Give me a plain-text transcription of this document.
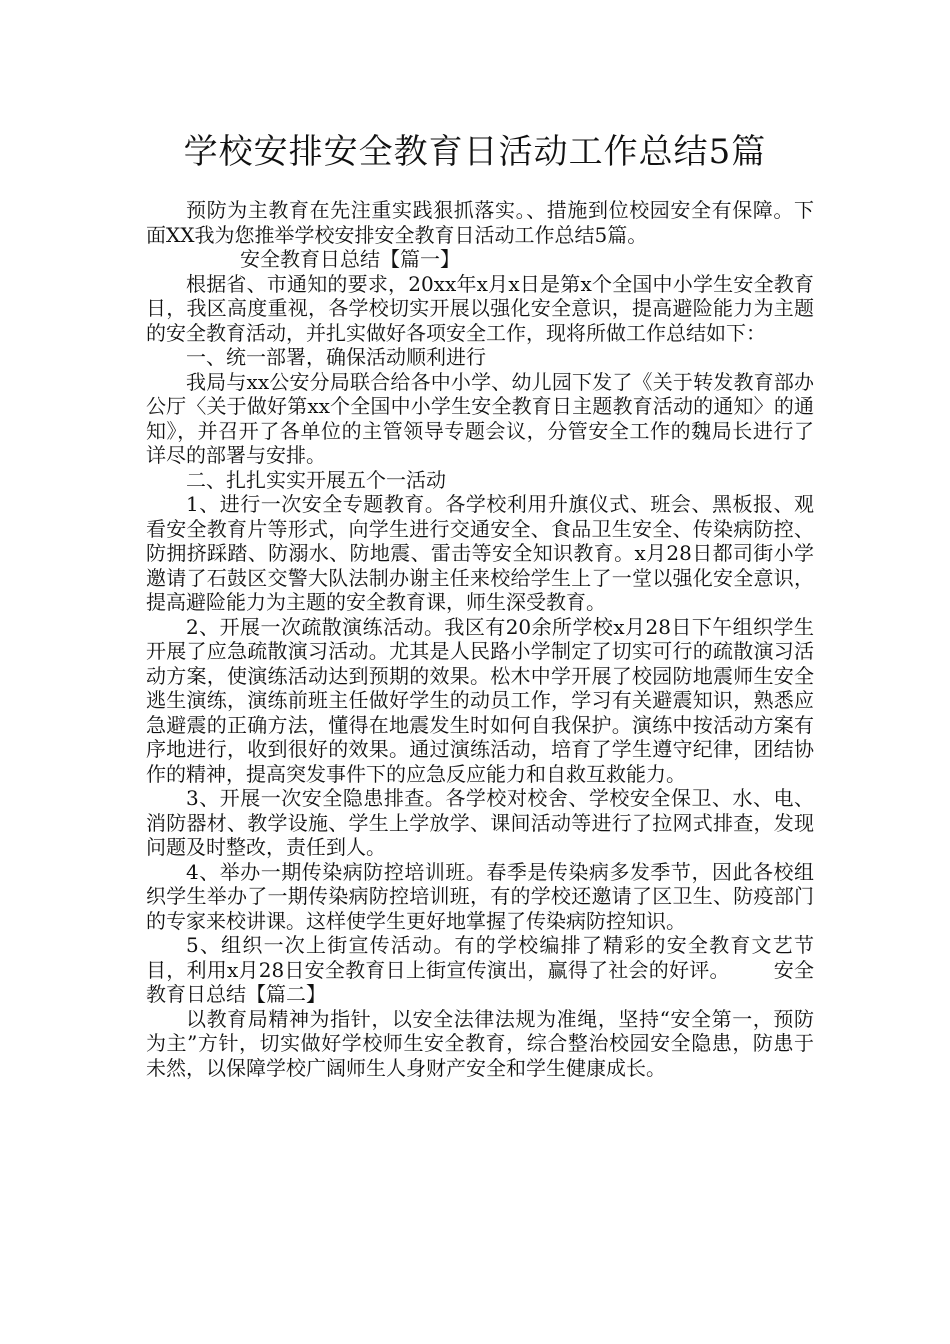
学校安排安全教育日活动工作总结5篇

预防为主教育在先注重实践狠抓落实。、措施到位校园安全有保障。下面XX我为您推举学校安排安全教育日活动工作总结5篇。

安全教育日总结【篇一】

根据省、市通知的要求，20xx年x月x日是第x个全国中小学生安全教育日，我区高度重视，各学校切实开展以强化安全意识，提高避险能力为主题的安全教育活动，并扎实做好各项安全工作，现将所做工作总结如下：

一、统一部署，确保活动顺利进行

我局与xx公安分局联合给各中小学、幼儿园下发了《关于转发教育部办公厅〈关于做好第xx个全国中小学生安全教育日主题教育活动的通知〉的通知》，并召开了各单位的主管领导专题会议，分管安全工作的魏局长进行了详尽的部署与安排。

二、扎扎实实开展五个一活动

1、进行一次安全专题教育。各学校利用升旗仪式、班会、黑板报、观看安全教育片等形式，向学生进行交通安全、食品卫生安全、传染病防控、防拥挤踩踏、防溺水、防地震、雷击等安全知识教育。x月28日都司街小学邀请了石鼓区交警大队法制办谢主任来校给学生上了一堂以强化安全意识，提高避险能力为主题的安全教育课，师生深受教育。

2、开展一次疏散演练活动。我区有20余所学校x月28日下午组织学生开展了应急疏散演习活动。尤其是人民路小学制定了切实可行的疏散演习活动方案，使演练活动达到预期的效果。松木中学开展了校园防地震师生安全逃生演练，演练前班主任做好学生的动员工作，学习有关避震知识，熟悉应急避震的正确方法，懂得在地震发生时如何自我保护。演练中按活动方案有序地进行，收到很好的效果。通过演练活动，培育了学生遵守纪律，团结协作的精神，提高突发事件下的应急反应能力和自救互救能力。

3、开展一次安全隐患排查。各学校对校舍、学校安全保卫、水、电、消防器材、教学设施、学生上学放学、课间活动等进行了拉网式排查，发现问题及时整改，责任到人。

4、举办一期传染病防控培训班。春季是传染病多发季节，因此各校组织学生举办了一期传染病防控培训班，有的学校还邀请了区卫生、防疫部门的专家来校讲课。这样使学生更好地掌握了传染病防控知识。

5、组织一次上街宣传活动。有的学校编排了精彩的安全教育文艺节目，利用x月28日安全教育日上街宣传演出，赢得了社会的好评。 安全教育日总结【篇二】

以教育局精神为指针，以安全法律法规为准绳，坚持“安全第一，预防为主”方针，切实做好学校师生安全教育，综合整治校园安全隐患，防患于未然，以保障学校广阔师生人身财产安全和学生健康成长。
